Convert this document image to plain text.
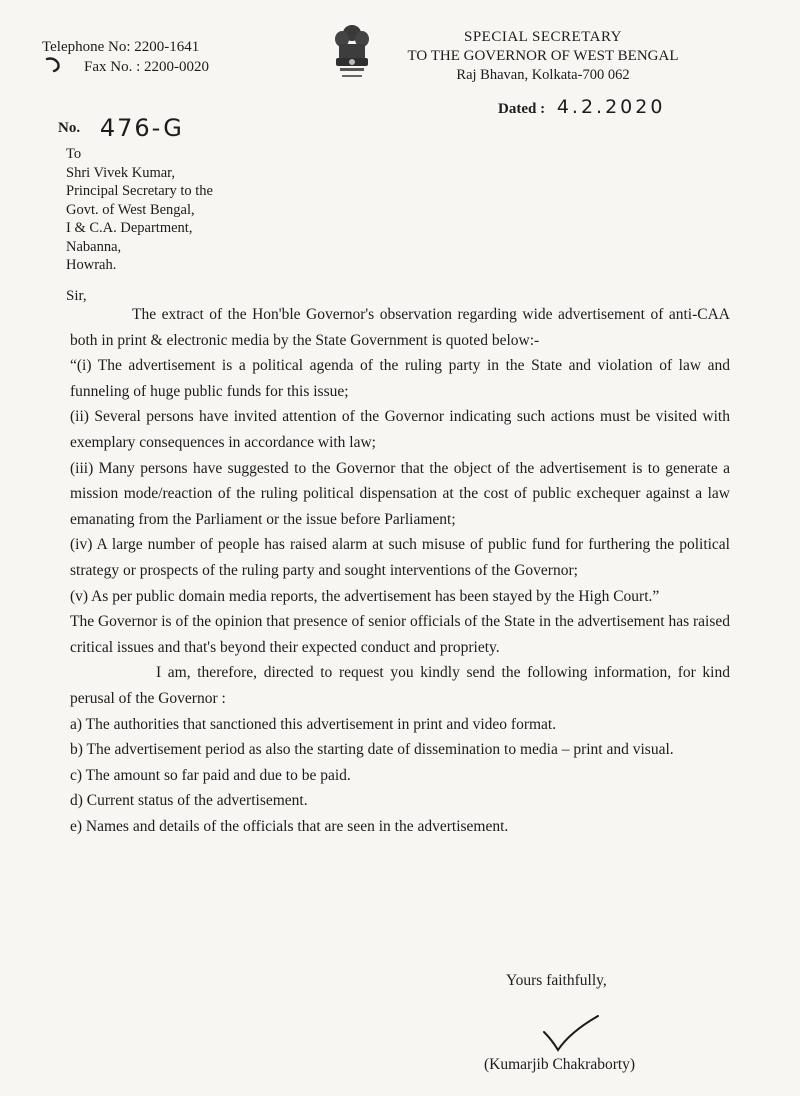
Telephone No: 2200-1641
Fax No. : 2200-0020
SPECIAL SECRETARY
TO THE GOVERNOR OF WEST BENGAL
Raj Bhavan, Kolkata-700 062
Dated : 4.2.2020
No. 476-G
To
Shri Vivek Kumar,
Principal Secretary to the
Govt. of West Bengal,
I & C.A. Department,
Nabanna,
Howrah.
Sir,

The extract of the Hon'ble Governor's observation regarding wide advertisement of anti-CAA both in print & electronic media by the State Government is quoted below:-

“(i) The advertisement is a political agenda of the ruling party in the State and violation of law and funneling of huge public funds for this issue;

(ii) Several persons have invited attention of the Governor indicating such actions must be visited with exemplary consequences in accordance with law;

(iii) Many persons have suggested to the Governor that the object of the advertisement is to generate a mission mode/reaction of the ruling political dispensation at the cost of public exchequer against a law emanating from the Parliament or the issue before Parliament;

(iv) A large number of people has raised alarm at such misuse of public fund for furthering the political strategy or prospects of the ruling party and sought interventions of the Governor;

(v) As per public domain media reports, the advertisement has been stayed by the High Court.”

The Governor is of the opinion that presence of senior officials of the State in the advertisement has raised critical issues and that's beyond their expected conduct and propriety.

I am, therefore, directed to request you kindly send the following information, for kind perusal of the Governor :

a) The authorities that sanctioned this advertisement in print and video format.

b) The advertisement period as also the starting date of dissemination to media – print and visual.

c) The amount so far paid and due to be paid.

d) Current status of the advertisement.

e) Names and details of the officials that are seen in the advertisement.

Yours faithfully,
(Kumarjib Chakraborty)
